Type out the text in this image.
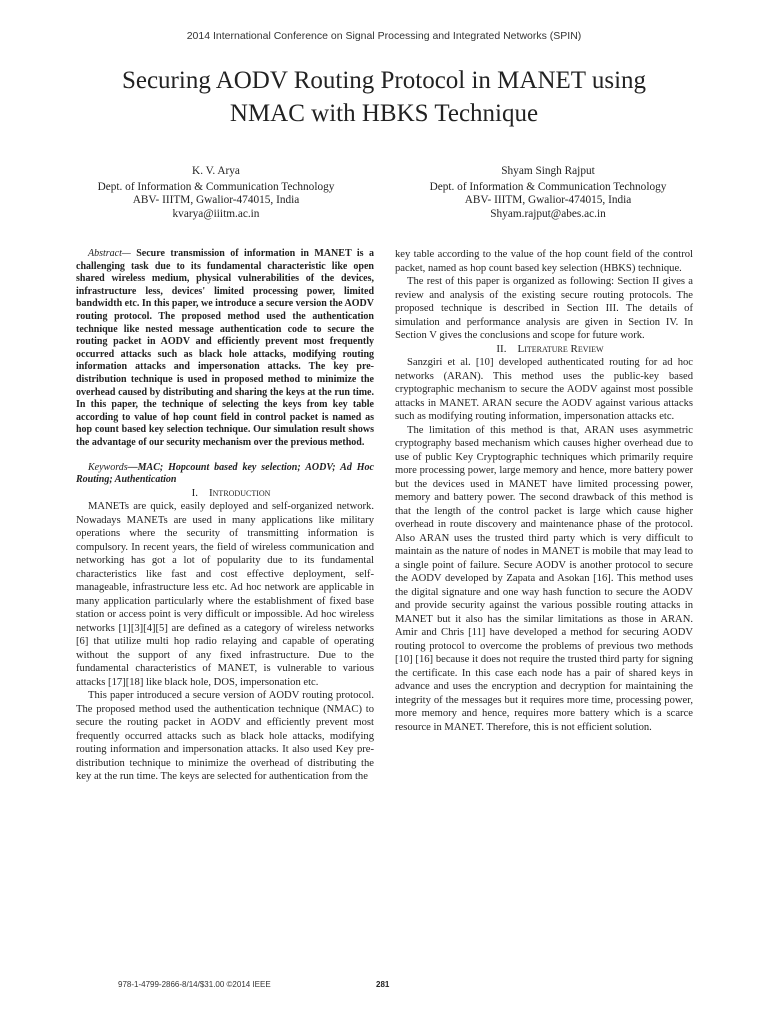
2014 International Conference on Signal Processing and Integrated Networks (SPIN)
Securing AODV Routing Protocol in MANET using
NMAC with HBKS Technique
K. V. Arya
Dept. of Information & Communication Technology
ABV- IIITM, Gwalior-474015, India
kvarya@iiitm.ac.in
Shyam Singh Rajput
Dept. of Information & Communication Technology
ABV- IIITM, Gwalior-474015, India
Shyam.rajput@abes.ac.in

Abstract— Secure transmission of information in MANET is a challenging task due to its fundamental characteristic like open shared wireless medium, physical vulnerabilities of the devices, infrastructure less, devices' limited processing power, limited bandwidth etc. In this paper, we introduce a secure version the AODV routing protocol. The proposed method used the authentication technique like nested message authentication code to secure the routing packet in AODV and efficiently prevent most frequently occurred attacks such as black hole attacks, modifying routing information attacks and impersonation attacks. The key pre- distribution technique is used in proposed method to minimize the overhead caused by distributing and sharing the keys at the run time. In this paper, the technique of selecting the keys from key table according to value of hop count field in control packet is named as hop count based key selection technique. Our simulation result shows the advantage of our security mechanism over the previous method.

Keywords—MAC; Hopcount based key selection; AODV; Ad Hoc Routing; Authentication

I. Introduction

MANETs are quick, easily deployed and self-organized network. Nowadays MANETs are used in many applications like military operations where the security of transmitting information is compulsory. In recent years, the field of wireless communication and networking has got a lot of popularity due to its fundamental characteristics like fast and cost effective deployment, self-manageable, infrastructure less etc. Ad hoc network are applicable in many application particularly where the establishment of fixed base station or access point is very difficult or impossible. Ad hoc wireless networks [1][3][4][5] are defined as a category of wireless networks [6] that utilize multi hop radio relaying and capable of operating without the support of any fixed infrastructure. Due to the fundamental characteristics of MANET, is vulnerable to various attacks [17][18] like black hole, DOS, impersonation etc.

This paper introduced a secure version of AODV routing protocol. The proposed method used the authentication technique (NMAC) to secure the routing packet in AODV and efficiently prevent most frequently occurred attacks such as black hole attacks, modifying routing information and impersonation attacks. It also used Key pre- distribution technique to minimize the overhead of distributing the key at the run time. The keys are selected for authentication from the

key table according to the value of the hop count field of the control packet, named as hop count based key selection (HBKS) technique.

The rest of this paper is organized as following: Section II gives a review and analysis of the existing secure routing protocols. The proposed technique is described in Section III. The details of simulation and performance analysis are given in Section IV. In Section V gives the conclusions and scope for future work.

II. Literature Review

Sanzgiri et al. [10] developed authenticated routing for ad hoc networks (ARAN). This method uses the public-key based cryptographic mechanism to secure the AODV against most possible attacks in MANET. ARAN secure the AODV against various attacks such as modifying routing information, impersonation attacks etc.

The limitation of this method is that, ARAN uses asymmetric cryptography based mechanism which causes higher overhead due to use of public Key Cryptographic techniques which primarily require more processing power, large memory and hence, more battery power but the devices used in MANET have limited processing power, memory and battery power. The second drawback of this method is that the length of the control packet is large which cause higher overhead in route discovery and maintenance phase of the protocol. Also ARAN uses the trusted third party which is very difficult to maintain as the nature of nodes in MANET is mobile that may lead to a single point of failure. Secure AODV is another protocol to secure the AODV developed by Zapata and Asokan [16]. This method uses the digital signature and one way hash function to secure the AODV and provide security against the various possible routing attacks in MANET but it also has the similar limitations as those in ARAN. Amir and Chris [11] have developed a method for securing AODV routing protocol to overcome the problems of previous two methods [10] [16] because it does not require the trusted third party for signing the certificate. In this case each node has a pair of shared keys in advance and uses the encryption and decryption for maintaining the integrity of the messages but it requires more time, processing power, more memory and hence, requires more battery which is a scarce resource in MANET. Therefore, this is not efficient solution.

978-1-4799-2866-8/14/$31.00 ©2014 IEEE	281
